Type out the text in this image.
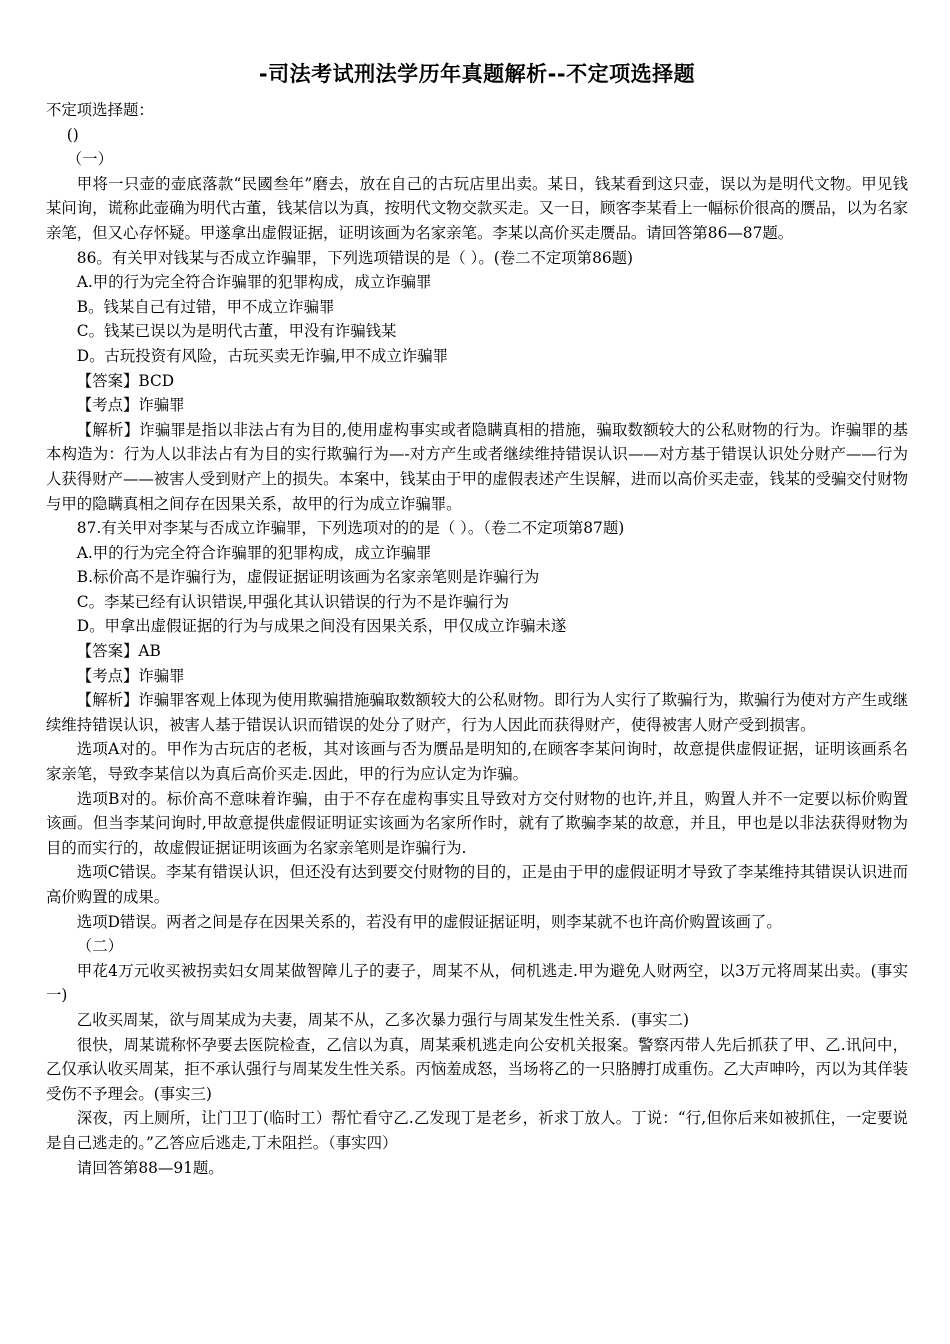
-司法考试刑法学历年真题解析--不定项选择题

不定项选择题：

()

（一）

甲将一只壶的壶底落款“民國叁年”磨去，放在自己的古玩店里出卖。某日，钱某看到这只壶，误以为是明代文物。甲见钱某问询，谎称此壶确为明代古董，钱某信以为真，按明代文物交款买走。又一日，顾客李某看上一幅标价很高的赝品，以为名家亲笔，但又心存怀疑。甲遂拿出虚假证据，证明该画为名家亲笔。李某以高价买走赝品。请回答第86—87题。

86。有关甲对钱某与否成立诈骗罪，下列选项错误的是（ ）。(卷二不定项第86题)

A.甲的行为完全符合诈骗罪的犯罪构成，成立诈骗罪

B。钱某自己有过错，甲不成立诈骗罪

C。钱某已误以为是明代古董，甲没有诈骗钱某

D。古玩投资有风险，古玩买卖无诈骗,甲不成立诈骗罪

【答案】BCD

【考点】诈骗罪

【解析】诈骗罪是指以非法占有为目的,使用虚构事实或者隐瞒真相的措施，骗取数额较大的公私财物的行为。诈骗罪的基本构造为：行为人以非法占有为目的实行欺骗行为—-对方产生或者继续维持错误认识——对方基于错误认识处分财产——行为人获得财产——被害人受到财产上的损失。本案中，钱某由于甲的虚假表述产生误解，进而以高价买走壶，钱某的受骗交付财物与甲的隐瞒真相之间存在因果关系，故甲的行为成立诈骗罪。

87.有关甲对李某与否成立诈骗罪，下列选项对的的是（ ）。（卷二不定项第87题)

A.甲的行为完全符合诈骗罪的犯罪构成，成立诈骗罪

B.标价高不是诈骗行为，虚假证据证明该画为名家亲笔则是诈骗行为

C。李某已经有认识错误,甲强化其认识错误的行为不是诈骗行为

D。甲拿出虚假证据的行为与成果之间没有因果关系，甲仅成立诈骗未遂

【答案】AB

【考点】诈骗罪

【解析】诈骗罪客观上体现为使用欺骗措施骗取数额较大的公私财物。即行为人实行了欺骗行为，欺骗行为使对方产生或继续维持错误认识，被害人基于错误认识而错误的处分了财产，行为人因此而获得财产，使得被害人财产受到损害。

选项A对的。甲作为古玩店的老板，其对该画与否为赝品是明知的,在顾客李某问询时，故意提供虚假证据，证明该画系名家亲笔，导致李某信以为真后高价买走.因此，甲的行为应认定为诈骗。

选项B对的。标价高不意味着诈骗，由于不存在虚构事实且导致对方交付财物的也许,并且，购置人并不一定要以标价购置该画。但当李某问询时,甲故意提供虚假证明证实该画为名家所作时，就有了欺骗李某的故意，并且，甲也是以非法获得财物为目的而实行的，故虚假证据证明该画为名家亲笔则是诈骗行为.

选项C错误。李某有错误认识，但还没有达到要交付财物的目的，正是由于甲的虚假证明才导致了李某维持其错误认识进而高价购置的成果。

选项D错误。两者之间是存在因果关系的，若没有甲的虚假证据证明，则李某就不也许高价购置该画了。

（二）

甲花4万元收买被拐卖妇女周某做智障儿子的妻子，周某不从，伺机逃走.甲为避免人财两空，以3万元将周某出卖。(事实一)

乙收买周某，欲与周某成为夫妻，周某不从，乙多次暴力强行与周某发生性关系．(事实二)

很快，周某谎称怀孕要去医院检查，乙信以为真，周某乘机逃走向公安机关报案。警察丙带人先后抓获了甲、乙.讯问中，乙仅承认收买周某，拒不承认强行与周某发生性关系。丙恼羞成怒，当场将乙的一只胳膊打成重伤。乙大声呻吟，丙以为其佯装受伤不予理会。(事实三)

深夜，丙上厕所，让门卫丁(临时工）帮忙看守乙.乙发现丁是老乡，祈求丁放人。丁说：“行,但你后来如被抓住，一定要说是自己逃走的。”乙答应后逃走,丁未阻拦。（事实四）

请回答第88—91题。
